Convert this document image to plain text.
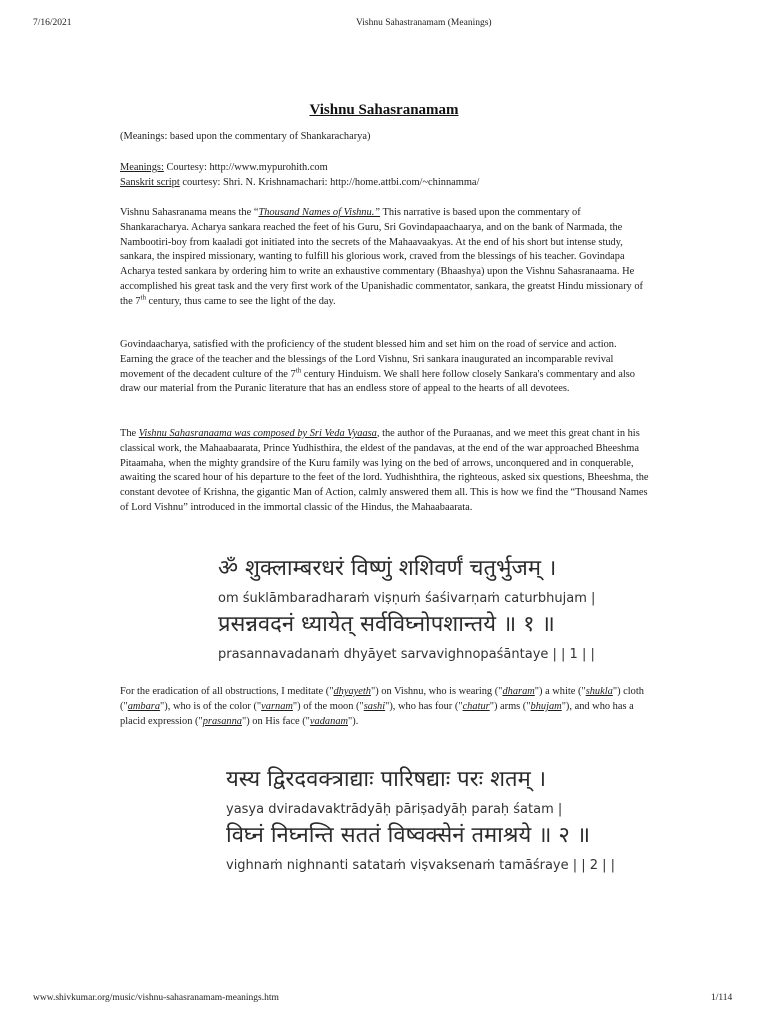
7/16/2021	Vishnu Sahastranamam (Meanings)
Vishnu Sahasranamam
(Meanings: based upon the commentary of Shankaracharya)
Meanings: Courtesy: http://www.mypurohith.com
Sanskrit script courtesy: Shri. N. Krishnamachari: http://home.attbi.com/~chinnamma/
Vishnu Sahasranama means the “Thousand Names of Vishnu.” This narrative is based upon the commentary of Shankaracharya. Acharya sankara reached the feet of his Guru, Sri Govindapaachaarya, and on the bank of Narmada, the Nambootiri-boy from kaaladi got initiated into the secrets of the Mahaavaakyas. At the end of his short but intense study, sankara, the inspired missionary, wanting to fulfill his glorious work, craved from the blessings of his teacher. Govindapa Acharya tested sankara by ordering him to write an exhaustive commentary (Bhaashya) upon the Vishnu Sahasranaama. He accomplished his great task and the very first work of the Upanishadic commentator, sankara, the greatst Hindu missionary of the 7th century, thus came to see the light of the day.
Govindaacharya, satisfied with the proficiency of the student blessed him and set him on the road of service and action. Earning the grace of the teacher and the blessings of the Lord Vishnu, Sri sankara inaugurated an incomparable revival movement of the decadent culture of the 7th century Hinduism. We shall here follow closely Sankara's commentary and also draw our material from the Puranic literature that has an endless store of appeal to the hearts of all devotees.
The Vishnu Sahasranaama was composed by Sri Veda Vyaasa, the author of the Puraanas, and we meet this great chant in his classical work, the Mahaabaarata, Prince Yudhisthira, the eldest of the pandavas, at the end of the war approached Bheeshma Pitaamaha, when the mighty grandsire of the Kuru family was lying on the bed of arrows, unconquered and in conquerable, awaiting the scared hour of his departure to the feet of the lord. Yudhishthira, the righteous, asked six questions, Bheeshma, the constant devotee of Krishna, the gigantic Man of Action, calmly answered them all. This is how we find the “Thousand Names of Lord Vishnu” introduced in the immortal classic of the Hindus, the Mahaabaarata.
ॐ शुक्लाम्बरधरं विष्णुं शशिवर्णं चतुर्भुजम् ।
om śuklāmbaradharaṁ viṣṇuṁ śaśivarṇaṁ caturbhujam |
प्रसन्नवदनं ध्यायेत् सर्वविघ्नोपशान्तये ॥ १ ॥
prasannavadanaṁ dhyāyet sarvavighnopaśāntaye | | 1 | |
For the eradication of all obstructions, I meditate ("dhyayeth") on Vishnu, who is wearing ("dharam") a white ("shukla") cloth ("ambara"), who is of the color ("varnam") of the moon ("sashi"), who has four ("chatur") arms ("bhujam"), and who has a placid expression ("prasanna") on His face ("vadanam").
यस्य द्विरदवक्त्राद्याः पारिषद्याः परः शतम् ।
yasya dviradavaktrādyāḥ pāriṣadyāḥ paraḥ śatam |
विघ्नं निघ्नन्ति सततं विष्वक्सेनं तमाश्रये ॥ २ ॥
vighnaṁ nighnanti satataṁ viṣvaksenaṁ tamāśraye | | 2 | |
www.shivkumar.org/music/vishnu-sahasranamam-meanings.htm	1/114
